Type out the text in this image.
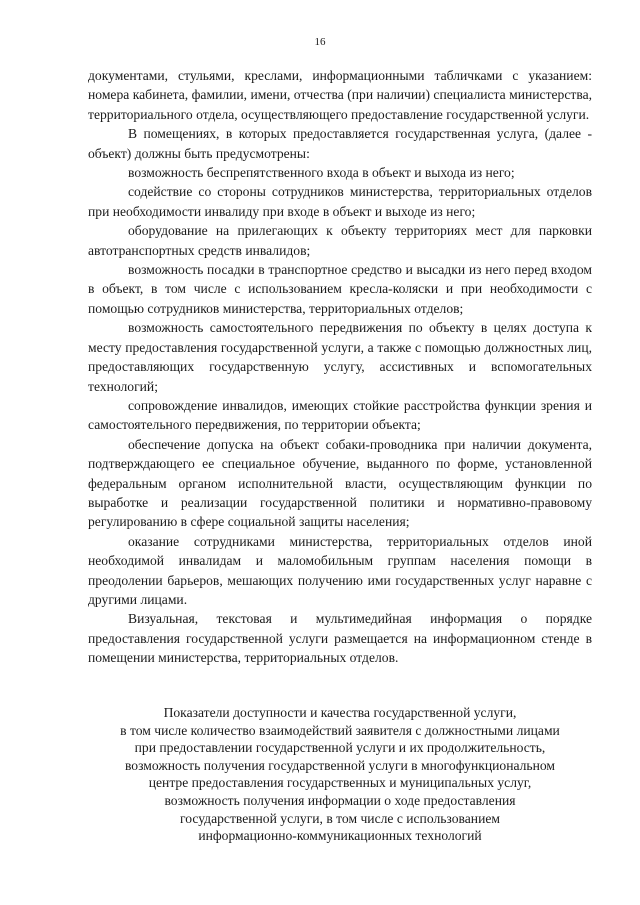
16

документами, стульями, креслами, информационными табличками с указанием: номера кабинета, фамилии, имени, отчества (при наличии) специалиста министерства, территориального отдела, осуществляющего предоставление государственной услуги.

В помещениях, в которых предоставляется государственная услуга, (далее - объект) должны быть предусмотрены:

возможность беспрепятственного входа в объект и выхода из него;

содействие со стороны сотрудников министерства, территориальных отделов при необходимости инвалиду при входе в объект и выходе из него;

оборудование на прилегающих к объекту территориях мест для парковки автотранспортных средств инвалидов;

возможность посадки в транспортное средство и высадки из него перед входом в объект, в том числе с использованием кресла-коляски и при необходимости с помощью сотрудников министерства, территориальных отделов;

возможность самостоятельного передвижения по объекту в целях доступа к месту предоставления государственной услуги, а также с помощью должностных лиц, предоставляющих государственную услугу, ассистивных и вспомогательных технологий;

сопровождение инвалидов, имеющих стойкие расстройства функции зрения и самостоятельного передвижения, по территории объекта;

обеспечение допуска на объект собаки-проводника при наличии документа, подтверждающего ее специальное обучение, выданного по форме, установленной федеральным органом исполнительной власти, осуществляющим функции по выработке и реализации государственной политики и нормативно-правовому регулированию в сфере социальной защиты населения;

оказание сотрудниками министерства, территориальных отделов иной необходимой инвалидам и маломобильным группам населения помощи в преодолении барьеров, мешающих получению ими государственных услуг наравне с другими лицами.

Визуальная, текстовая и мультимедийная информация о порядке предоставления государственной услуги размещается на информационном стенде в помещении министерства, территориальных отделов.

Показатели доступности и качества государственной услуги,
в том числе количество взаимодействий заявителя с должностными лицами
при предоставлении государственной услуги и их продолжительность,
возможность получения государственной услуги в многофункциональном
центре предоставления государственных и муниципальных услуг,
возможность получения информации о ходе предоставления
государственной услуги, в том числе с использованием
информационно-коммуникационных технологий
